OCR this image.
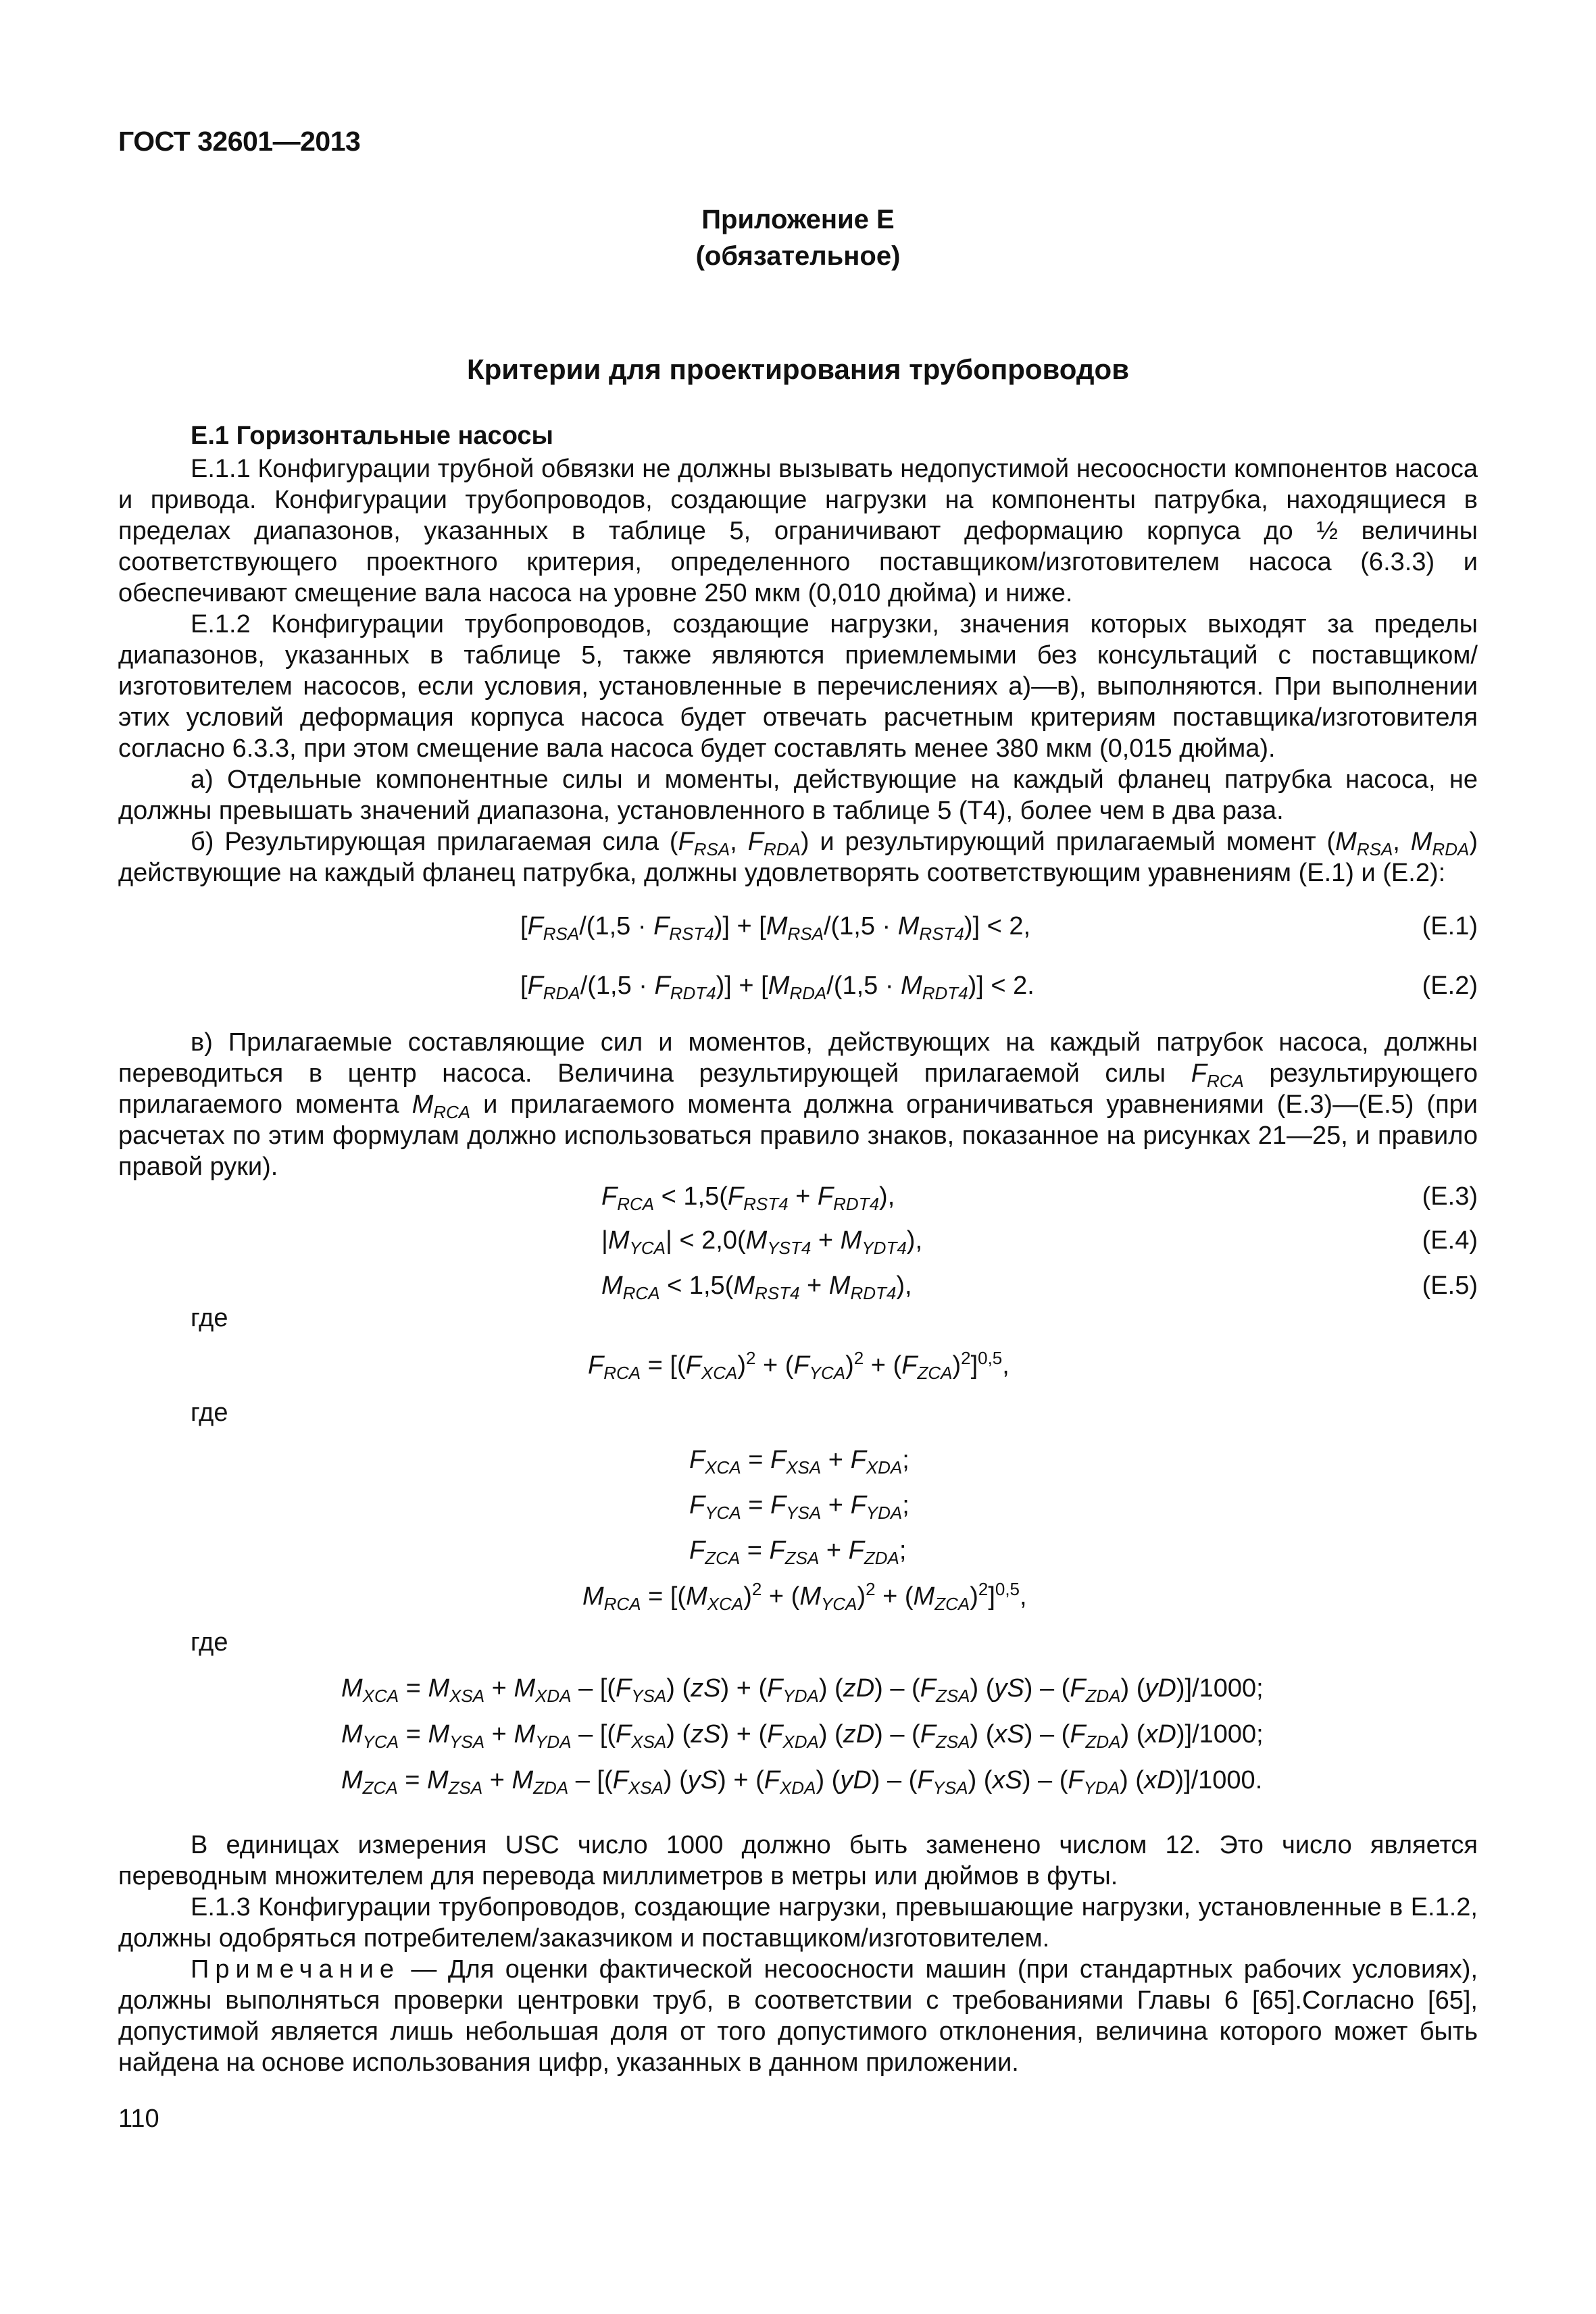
ГОСТ 32601—2013
Приложение Е
(обязательное)
Критерии для проектирования трубопроводов
Е.1 Горизонтальные насосы

Е.1.1 Конфигурации трубной обвязки не должны вызывать недопустимой несоосности компонентов насоса и привода. Конфигурации трубопроводов, создающие нагрузки на компоненты патрубка, находящиеся в пределах диапазонов, указанных в таблице 5, ограничивают деформацию корпуса до ½ величины соответствующего проектного критерия, определенного поставщиком/изготовителем насоса (6.3.3) и обеспечивают смещение вала насоса на уровне 250 мкм (0,010 дюйма) и ниже.

Е.1.2 Конфигурации трубопроводов, создающие нагрузки, значения которых выходят за пределы диапазонов, указанных в таблице 5, также являются приемлемыми без консультаций с поставщиком/изготовителем насосов, если условия, установленные в перечислениях а)—в), выполняются. При выполнении этих условий деформация корпуса насоса будет отвечать расчетным критериям поставщика/изготовителя согласно 6.3.3, при этом смещение вала насоса будет составлять менее 380 мкм (0,015 дюйма).

а) Отдельные компонентные силы и моменты, действующие на каждый фланец патрубка насоса, не должны превышать значений диапазона, установленного в таблице 5 (Т4), более чем в два раза.

б) Результирующая прилагаемая сила ($F_{RSA}$, $F_{RDA}$) и результирующий прилагаемый момент ($M_{RSA}$, $M_{RDA}$) действующие на каждый фланец патрубка, должны удовлетворять соответствующим уравнениям (Е.1) и (Е.2):

$[F_{RSA}/(1,5 \cdot F_{RST4})] + [M_{RSA}/(1,5 \cdot M_{RST4})] < 2$,	(Е.1)
$[F_{RDA}/(1,5 \cdot F_{RDT4})] + [M_{RDA}/(1,5 \cdot M_{RDT4})] < 2$.	(Е.2)

в) Прилагаемые составляющие сил и моментов, действующих на каждый патрубок насоса, должны переводиться в центр насоса. Величина результирующей прилагаемой силы $F_{RCA}$ результирующего прилагаемого момента $M_{RCA}$ и прилагаемого момента должна ограничиваться уравнениями (Е.3)—(Е.5) (при расчетах по этим формулам должно использоваться правило знаков, показанное на рисунках 21—25, и правило правой руки).

$F_{RCA} < 1,5(F_{RST4} + F_{RDT4})$,	(Е.3)
$|M_{YCA}| < 2,0(M_{YST4} + M_{YDT4})$,	(Е.4)
$M_{RCA} < 1,5(M_{RST4} + M_{RDT4})$,	(Е.5)
где
$F_{RCA} = [(F_{XCA})^2 + (F_{YCA})^2 + (F_{ZCA})^2]^{0,5}$,
где
$F_{XCA} = F_{XSA} + F_{XDA}$;
$F_{YCA} = F_{YSA} + F_{YDA}$;
$F_{ZCA} = F_{ZSA} + F_{ZDA}$;
$M_{RCA} = [(M_{XCA})^2 + (M_{YCA})^2 + (M_{ZCA})^2]^{0,5}$,
где
$M_{XCA} = M_{XSA} + M_{XDA} - [(F_{YSA}) (zS) + (F_{YDA})$ $(zD) - (F_{ZSA})$ $(yS) - (F_{ZDA})$ (yD)]/1000;
$M_{YCA} = M_{YSA} + M_{YDA} - [(F_{XSA}) (zS) + (F_{XDA})$ $(zD) - (F_{ZSA})$ $(xS) - (F_{ZDA})$ (xD)]/1000;
$M_{ZCA} = M_{ZSA} + M_{ZDA} - [(F_{XSA}) (yS) + (F_{XDA})$ $(yD) - (F_{YSA})$ $(xS) - (F_{YDA})$ (xD)]/1000.

В единицах измерения USC число 1000 должно быть заменено числом 12. Это число является переводным множителем для перевода миллиметров в метры или дюймов в футы.

Е.1.3 Конфигурации трубопроводов, создающие нагрузки, превышающие нагрузки, установленные в Е.1.2, должны одобряться потребителем/заказчиком и поставщиком/изготовителем.

Примечание — Для оценки фактической несоосности машин (при стандартных рабочих условиях), должны выполняться проверки центровки труб, в соответствии с требованиями Главы 6 [65].Согласно [65], допустимой является лишь небольшая доля от того допустимого отклонения, величина которого может быть найдена на основе использования цифр, указанных в данном приложении.

110
